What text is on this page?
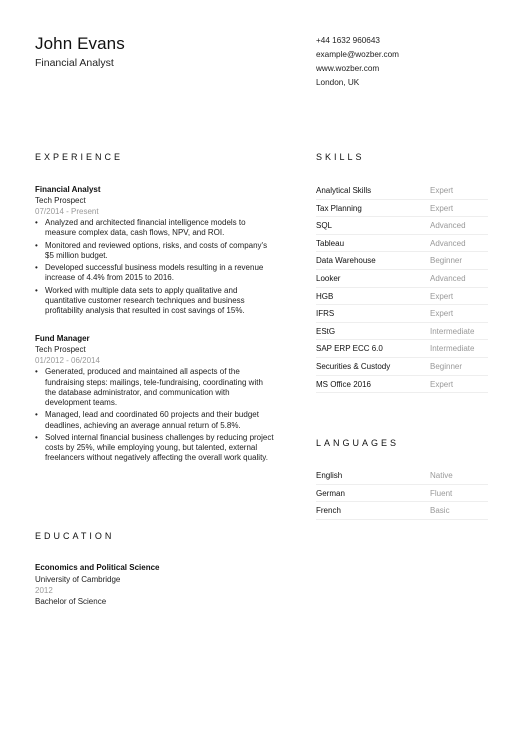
John Evans
Financial Analyst
+44 1632 960643
example@wozber.com
www.wozber.com
London, UK
EXPERIENCE
Financial Analyst
Tech Prospect
07/2014 - Present
• Analyzed and architected financial intelligence models to measure complex data, cash flows, NPV, and ROI.
• Monitored and reviewed options, risks, and costs of company's $5 million budget.
• Developed successful business models resulting in a revenue increase of 4.4% from 2015 to 2016.
• Worked with multiple data sets to apply qualitative and quantitative customer research techniques and business profitability analysis that resulted in cost savings of 15%.
Fund Manager
Tech Prospect
01/2012 - 06/2014
• Generated, produced and maintained all aspects of the fundraising steps: mailings, tele-fundraising, coordinating with the database administrator, and communication with development teams.
• Managed, lead and coordinated 60 projects and their budget deadlines, achieving an average annual return of 5.8%.
• Solved internal financial business challenges by reducing project costs by 25%, while employing young, but talented, external freelancers without negatively affecting the overall work quality.
EDUCATION
Economics and Political Science
University of Cambridge
2012
Bachelor of Science
SKILLS
Analytical Skills	Expert
Tax Planning	Expert
SQL	Advanced
Tableau	Advanced
Data Warehouse	Beginner
Looker	Advanced
HGB	Expert
IFRS	Expert
EStG	Intermediate
SAP ERP ECC 6.0	Intermediate
Securities & Custody	Beginner
MS Office 2016	Expert
LANGUAGES
English	Native
German	Fluent
French	Basic
